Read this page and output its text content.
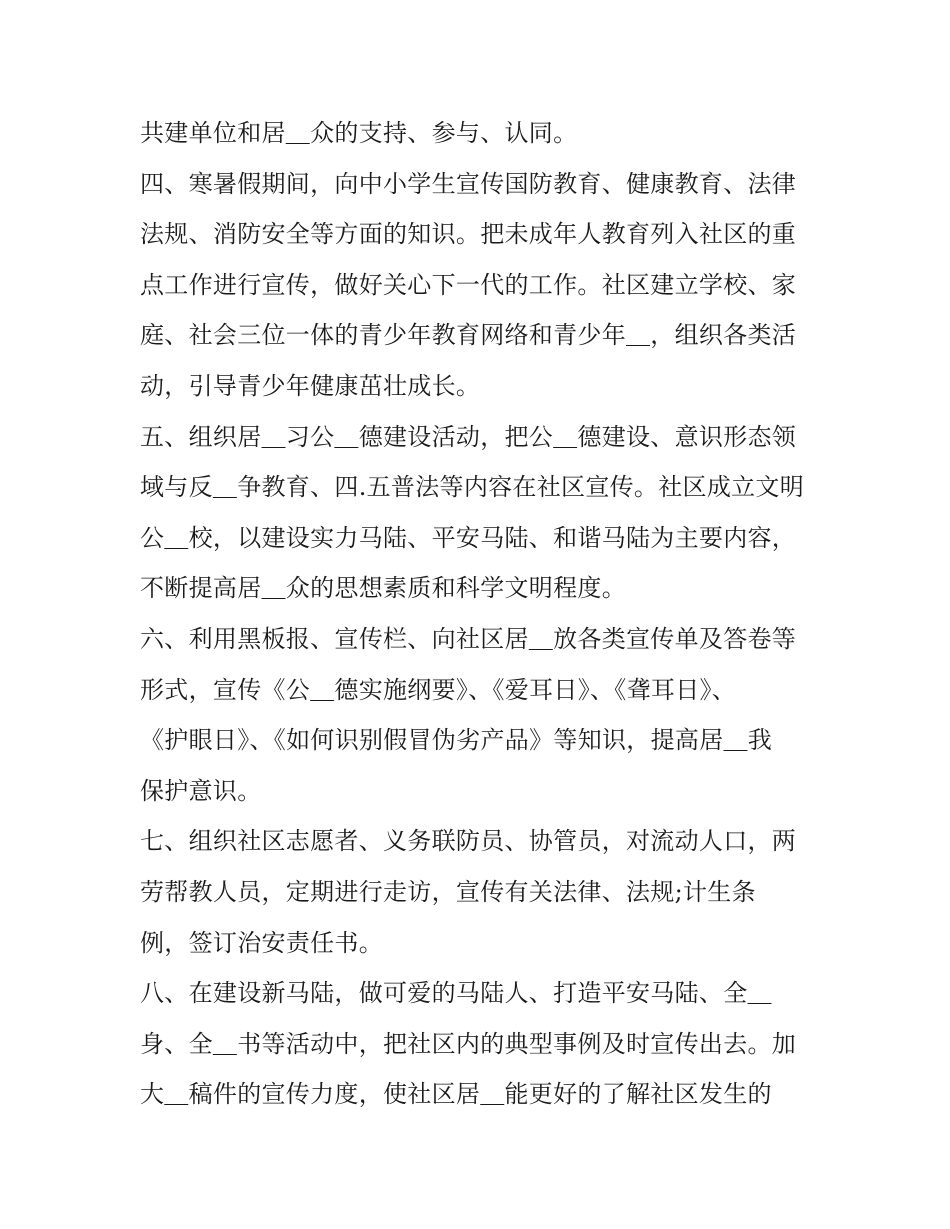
共建单位和居＿众的支持、参与、认同。
四、寒暑假期间，向中小学生宣传国防教育、健康教育、法律
法规、消防安全等方面的知识。把未成年人教育列入社区的重
点工作进行宣传，做好关心下一代的工作。社区建立学校、家
庭、社会三位一体的青少年教育网络和青少年＿，组织各类活
动，引导青少年健康茁壮成长。
五、组织居＿习公＿德建设活动，把公＿德建设、意识形态领
域与反＿争教育、四.五普法等内容在社区宣传。社区成立文明
公＿校，以建设实力马陆、平安马陆、和谐马陆为主要内容，
不断提高居＿众的思想素质和科学文明程度。
六、利用黑板报、宣传栏、向社区居＿放各类宣传单及答卷等
形式，宣传《公＿德实施纲要》、《爱耳日》、《聋耳日》、
《护眼日》、《如何识别假冒伪劣产品》等知识，提高居＿我
保护意识。
七、组织社区志愿者、义务联防员、协管员，对流动人口，两
劳帮教人员，定期进行走访，宣传有关法律、法规;计生条
例，签订治安责任书。
八、在建设新马陆，做可爱的马陆人、打造平安马陆、全＿
身、全＿书等活动中，把社区内的典型事例及时宣传出去。加
大＿稿件的宣传力度，使社区居＿能更好的了解社区发生的
